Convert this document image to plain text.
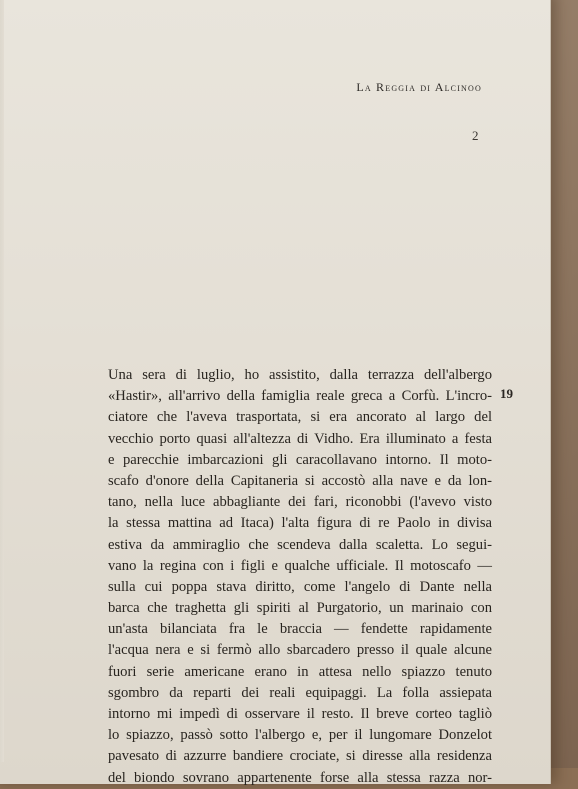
La Reggia di Alcinoo
2
19
Una sera di luglio, ho assistito, dalla terrazza dell'albergo
«Hastir», all'arrivo della famiglia reale greca a Corfù. L'incro-
ciatore che l'aveva trasportata, si era ancorato al largo del
vecchio porto quasi all'altezza di Vidho. Era illuminato a festa
e parecchie imbarcazioni gli caracollavano intorno. Il moto-
scafo d'onore della Capitaneria si accostò alla nave e da lon-
tano, nella luce abbagliante dei fari, riconobbi (l'avevo visto
la stessa mattina ad Itaca) l'alta figura di re Paolo in divisa
estiva da ammiraglio che scendeva dalla scaletta. Lo segui-
vano la regina con i figli e qualche ufficiale. Il motoscafo —
sulla cui poppa stava diritto, come l'angelo di Dante nella
barca che traghetta gli spiriti al Purgatorio, un marinaio con
un'asta bilanciata fra le braccia — fendette rapidamente
l'acqua nera e si fermò allo sbarcadero presso il quale alcune
fuori serie americane erano in attesa nello spiazzo tenuto
sgombro da reparti dei reali equipaggi. La folla assiepata
intorno mi impedì di osservare il resto. Il breve corteo tagliò
lo spiazzo, passò sotto l'albergo e, per il lungomare Donzelot
pavesato di azzurre bandiere crociate, si diresse alla residenza
del biondo sovrano appartenente forse alla stessa razza nor-
